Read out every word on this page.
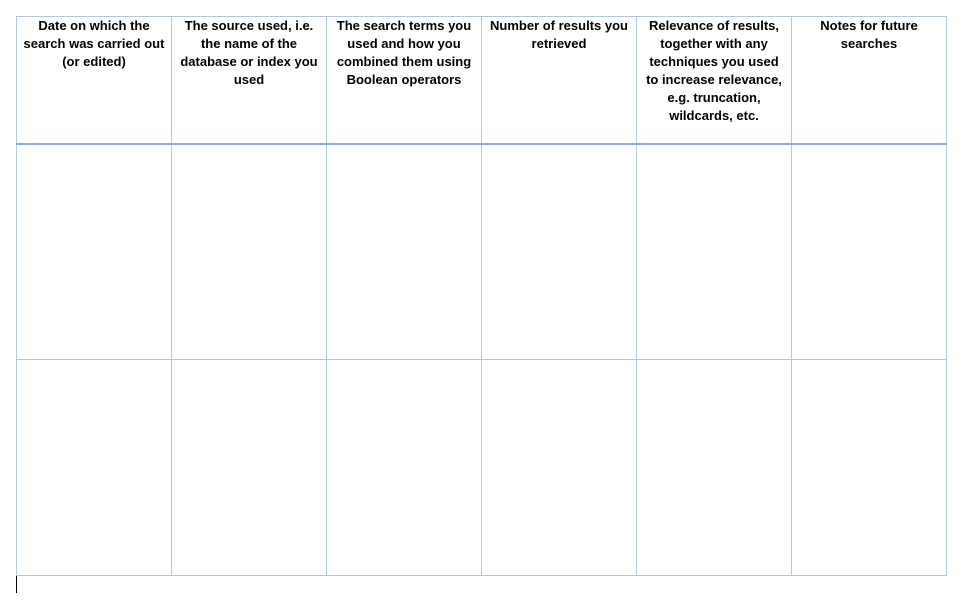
Date on which the search was carried out (or edited)	The source used, i.e. the name of the database or index you used	The search terms you used and how you combined them using Boolean operators	Number of results you retrieved	Relevance of results, together with any techniques you used to increase relevance, e.g. truncation, wildcards, etc.	Notes for future searches
